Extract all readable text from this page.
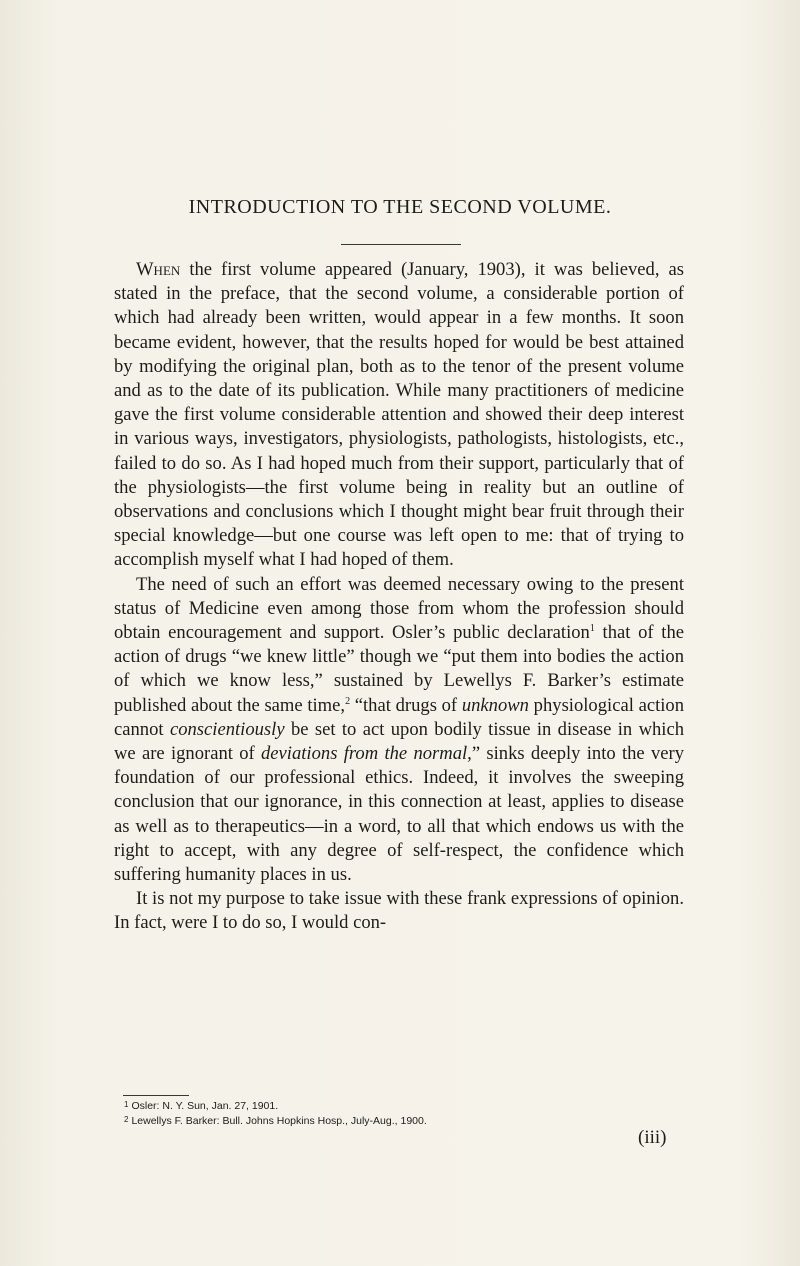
INTRODUCTION TO THE SECOND VOLUME.

When the first volume appeared (January, 1903), it was believed, as stated in the preface, that the second volume, a considerable portion of which had already been written, would appear in a few months. It soon became evident, however, that the results hoped for would be best attained by modifying the original plan, both as to the tenor of the present volume and as to the date of its publication. While many practitioners of medicine gave the first volume considerable attention and showed their deep interest in various ways, investigators, physiologists, pathologists, histologists, etc., failed to do so. As I had hoped much from their support, particularly that of the physiologists—the first volume being in reality but an outline of observations and conclusions which I thought might bear fruit through their special knowledge—but one course was left open to me: that of trying to accomplish myself what I had hoped of them.

The need of such an effort was deemed necessary owing to the present status of Medicine even among those from whom the profession should obtain encouragement and support. Osler’s public declaration$^1$ that of the action of drugs “we knew little” though we “put them into bodies the action of which we know less,” sustained by Lewellys F. Barker’s estimate published about the same time,$^2$ “that drugs of unknown physiological action cannot conscientiously be set to act upon bodily tissue in disease in which we are ignorant of deviations from the normal,” sinks deeply into the very foundation of our professional ethics. Indeed, it involves the sweeping conclusion that our ignorance, in this connection at least, applies to disease as well as to therapeutics—in a word, to all that which endows us with the right to accept, with any degree of self-respect, the confidence which suffering humanity places in us.

It is not my purpose to take issue with these frank expressions of opinion. In fact, were I to do so, I would con-

1 Osler: N. Y. Sun, Jan. 27, 1901.
2 Lewellys F. Barker: Bull. Johns Hopkins Hosp., July-Aug., 1900.
(iii)
